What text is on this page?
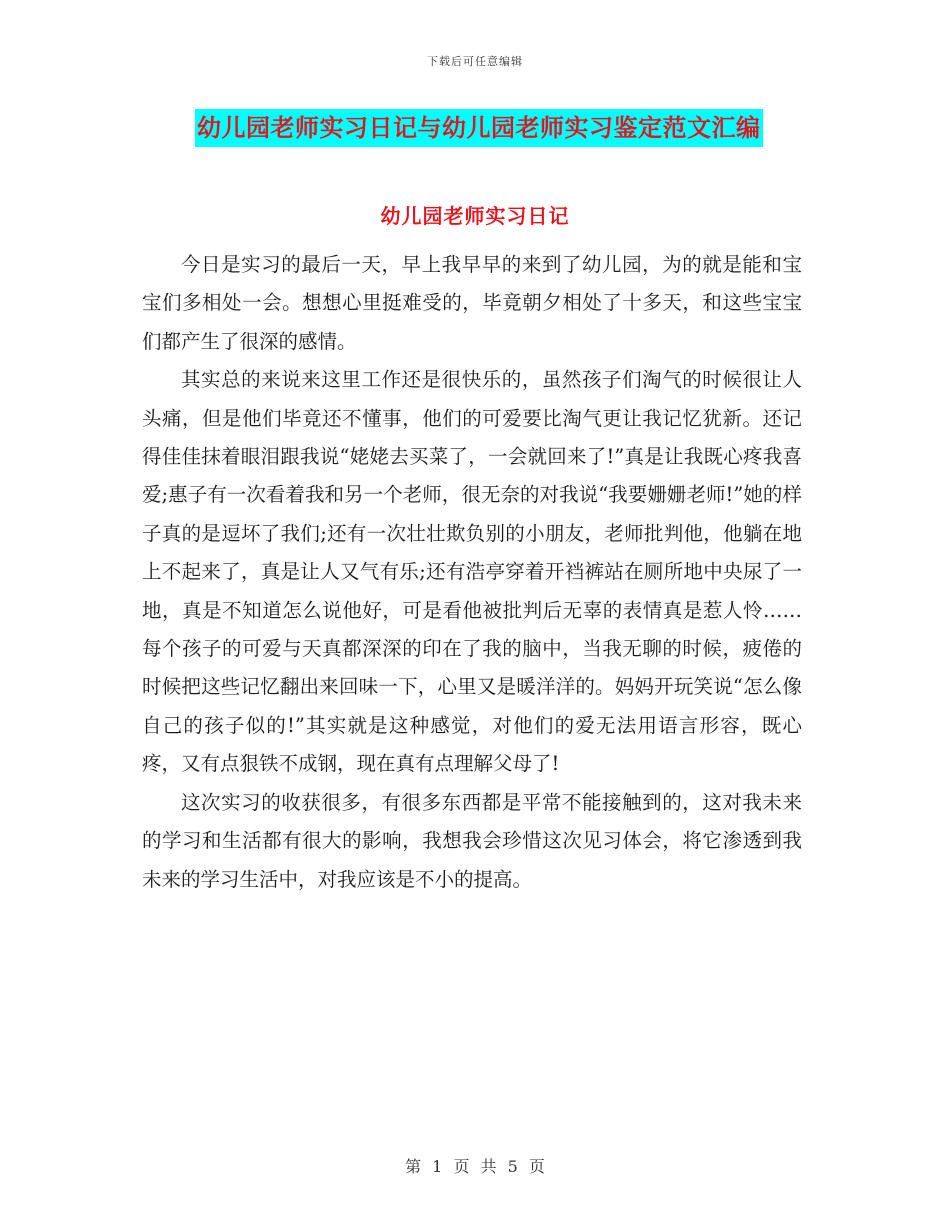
下载后可任意编辑
幼儿园老师实习日记与幼儿园老师实习鉴定范文汇编
幼儿园老师实习日记

今日是实习的最后一天，早上我早早的来到了幼儿园，为的就是能和宝宝们多相处一会。想想心里挺难受的，毕竟朝夕相处了十多天，和这些宝宝们都产生了很深的感情。

其实总的来说来这里工作还是很快乐的，虽然孩子们淘气的时候很让人头痛，但是他们毕竟还不懂事，他们的可爱要比淘气更让我记忆犹新。还记得佳佳抹着眼泪跟我说“姥姥去买菜了，一会就回来了!”真是让我既心疼我喜爱;惠子有一次看着我和另一个老师，很无奈的对我说“我要姗姗老师!”她的样子真的是逗坏了我们;还有一次壮壮欺负别的小朋友，老师批判他，他躺在地上不起来了，真是让人又气有乐;还有浩亭穿着开裆裤站在厕所地中央尿了一地，真是不知道怎么说他好，可是看他被批判后无辜的表情真是惹人怜……每个孩子的可爱与天真都深深的印在了我的脑中，当我无聊的时候，疲倦的时候把这些记忆翻出来回味一下，心里又是暖洋洋的。妈妈开玩笑说“怎么像自己的孩子似的!”其实就是这种感觉，对他们的爱无法用语言形容，既心疼，又有点狠铁不成钢，现在真有点理解父母了!

这次实习的收获很多，有很多东西都是平常不能接触到的，这对我未来的学习和生活都有很大的影响，我想我会珍惜这次见习体会，将它渗透到我未来的学习生活中，对我应该是不小的提高。

第 1 页 共 5 页
